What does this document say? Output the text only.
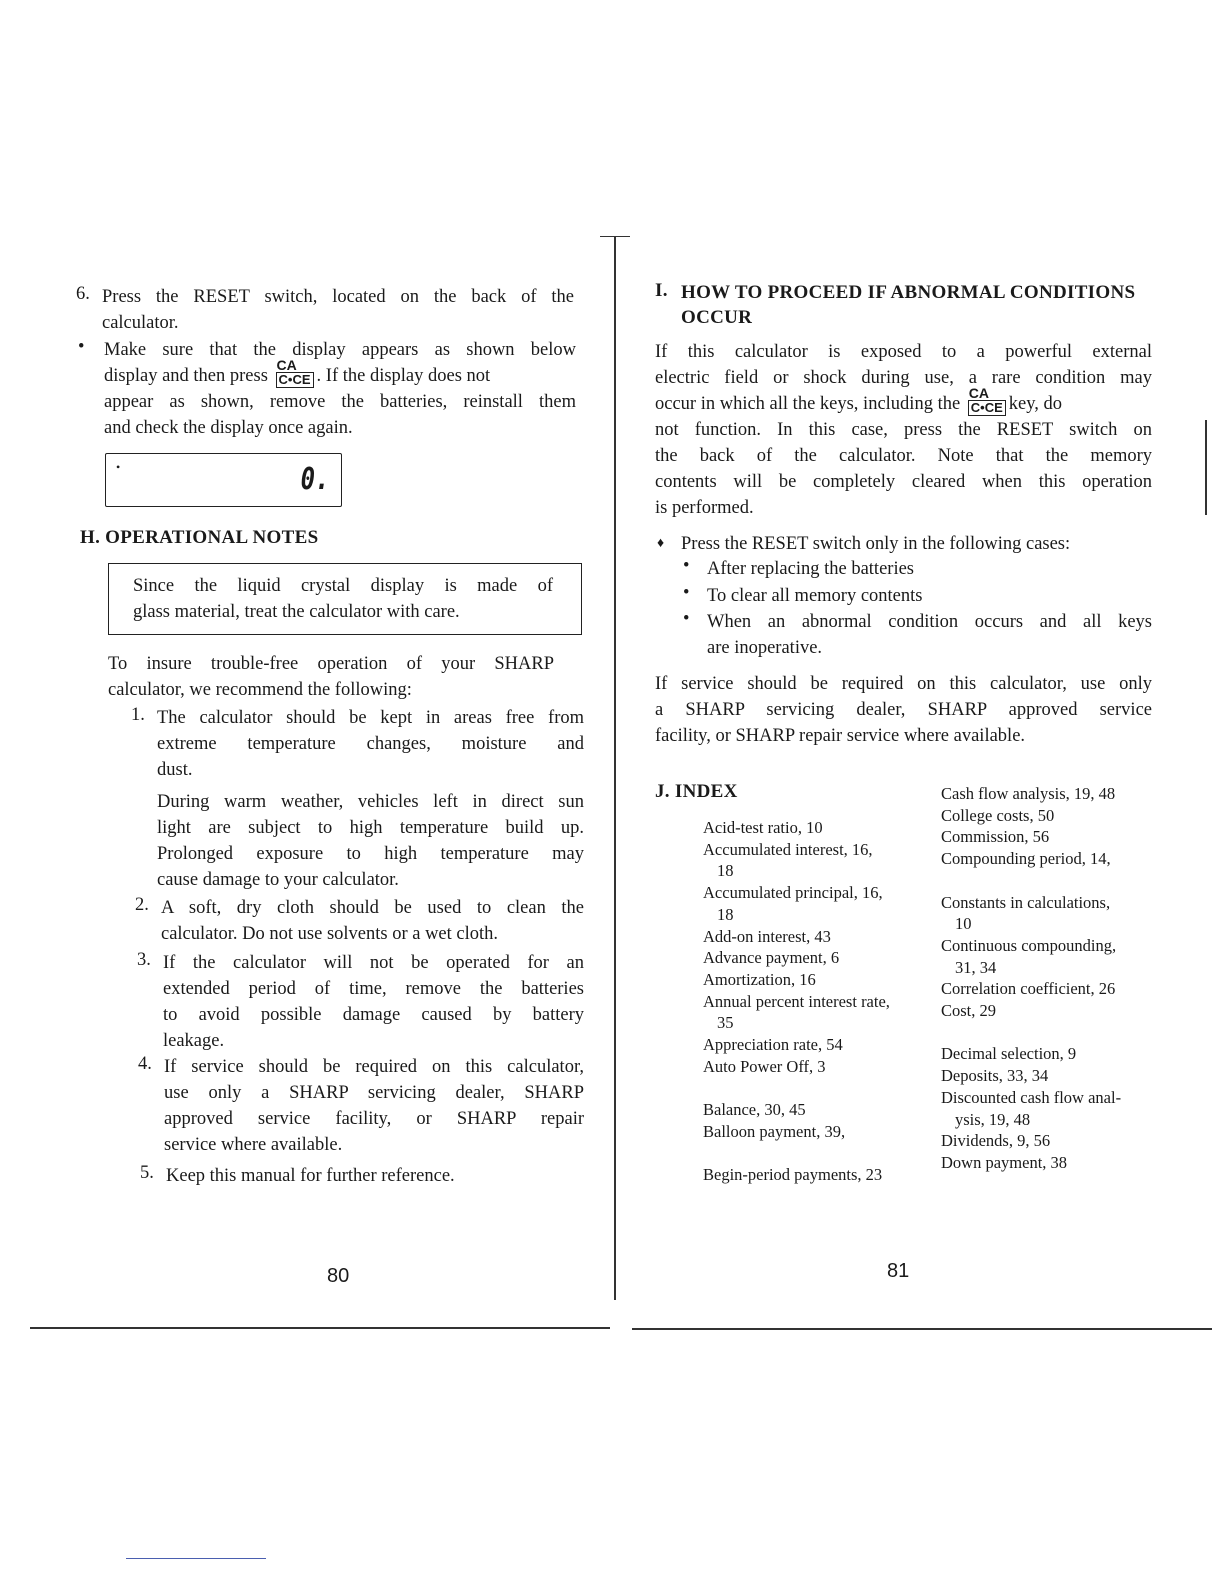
6. Press the RESET switch, located on the back of the
calculator.
• Make sure that the display appears as shown below
display and then press
CA
C•CE . If the display does not
appear as shown, remove the batteries, reinstall them
and check the display once again.
•	0.
H. OPERATIONAL NOTES
Since the liquid crystal display is made of
glass material, treat the calculator with care.
To insure trouble-free operation of your SHARP
calculator, we recommend the following:
1. The calculator should be kept in areas free from
extreme temperature changes, moisture and
dust.
During warm weather, vehicles left in direct sun
light are subject to high temperature build up.
Prolonged exposure to high temperature may
cause damage to your calculator.
2. A soft, dry cloth should be used to clean the
calculator. Do not use solvents or a wet cloth.
3. If the calculator will not be operated for an
extended period of time, remove the batteries
to avoid possible damage caused by battery
leakage.
4. If service should be required on this calculator,
use only a SHARP servicing dealer, SHARP
approved service facility, or SHARP repair
service where available.
5. Keep this manual for further reference.
80
I. HOW TO PROCEED IF ABNORMAL CONDITIONS
OCCUR
If this calculator is exposed to a powerful external
electric field or shock during use, a rare condition may
occur in which all the keys, including the
CA
C•CE key, do
not function. In this case, press the RESET switch on
the back of the calculator. Note that the memory
contents will be completely cleared when this operation
is performed.
♦ Press the RESET switch only in the following cases:
• After replacing the batteries
• To clear all memory contents
• When an abnormal condition occurs and all keys
are inoperative.
If service should be required on this calculator, use only
a SHARP servicing dealer, SHARP approved service
facility, or SHARP repair service where available.
J. INDEX
Acid-test ratio, 10
Accumulated interest, 16,
18
Accumulated principal, 16,
18
Add-on interest, 43
Advance payment, 6
Amortization, 16
Annual percent interest rate,
35
Appreciation rate, 54
Auto Power Off, 3
Balance, 30, 45
Balloon payment, 39,
Begin-period payments, 23
Cash flow analysis, 19, 48
College costs, 50
Commission, 56
Compounding period, 14,
Constants in calculations,
10
Continuous compounding,
31, 34
Correlation coefficient, 26
Cost, 29
Decimal selection, 9
Deposits, 33, 34
Discounted cash flow anal-
ysis, 19, 48
Dividends, 9, 56
Down payment, 38
81
